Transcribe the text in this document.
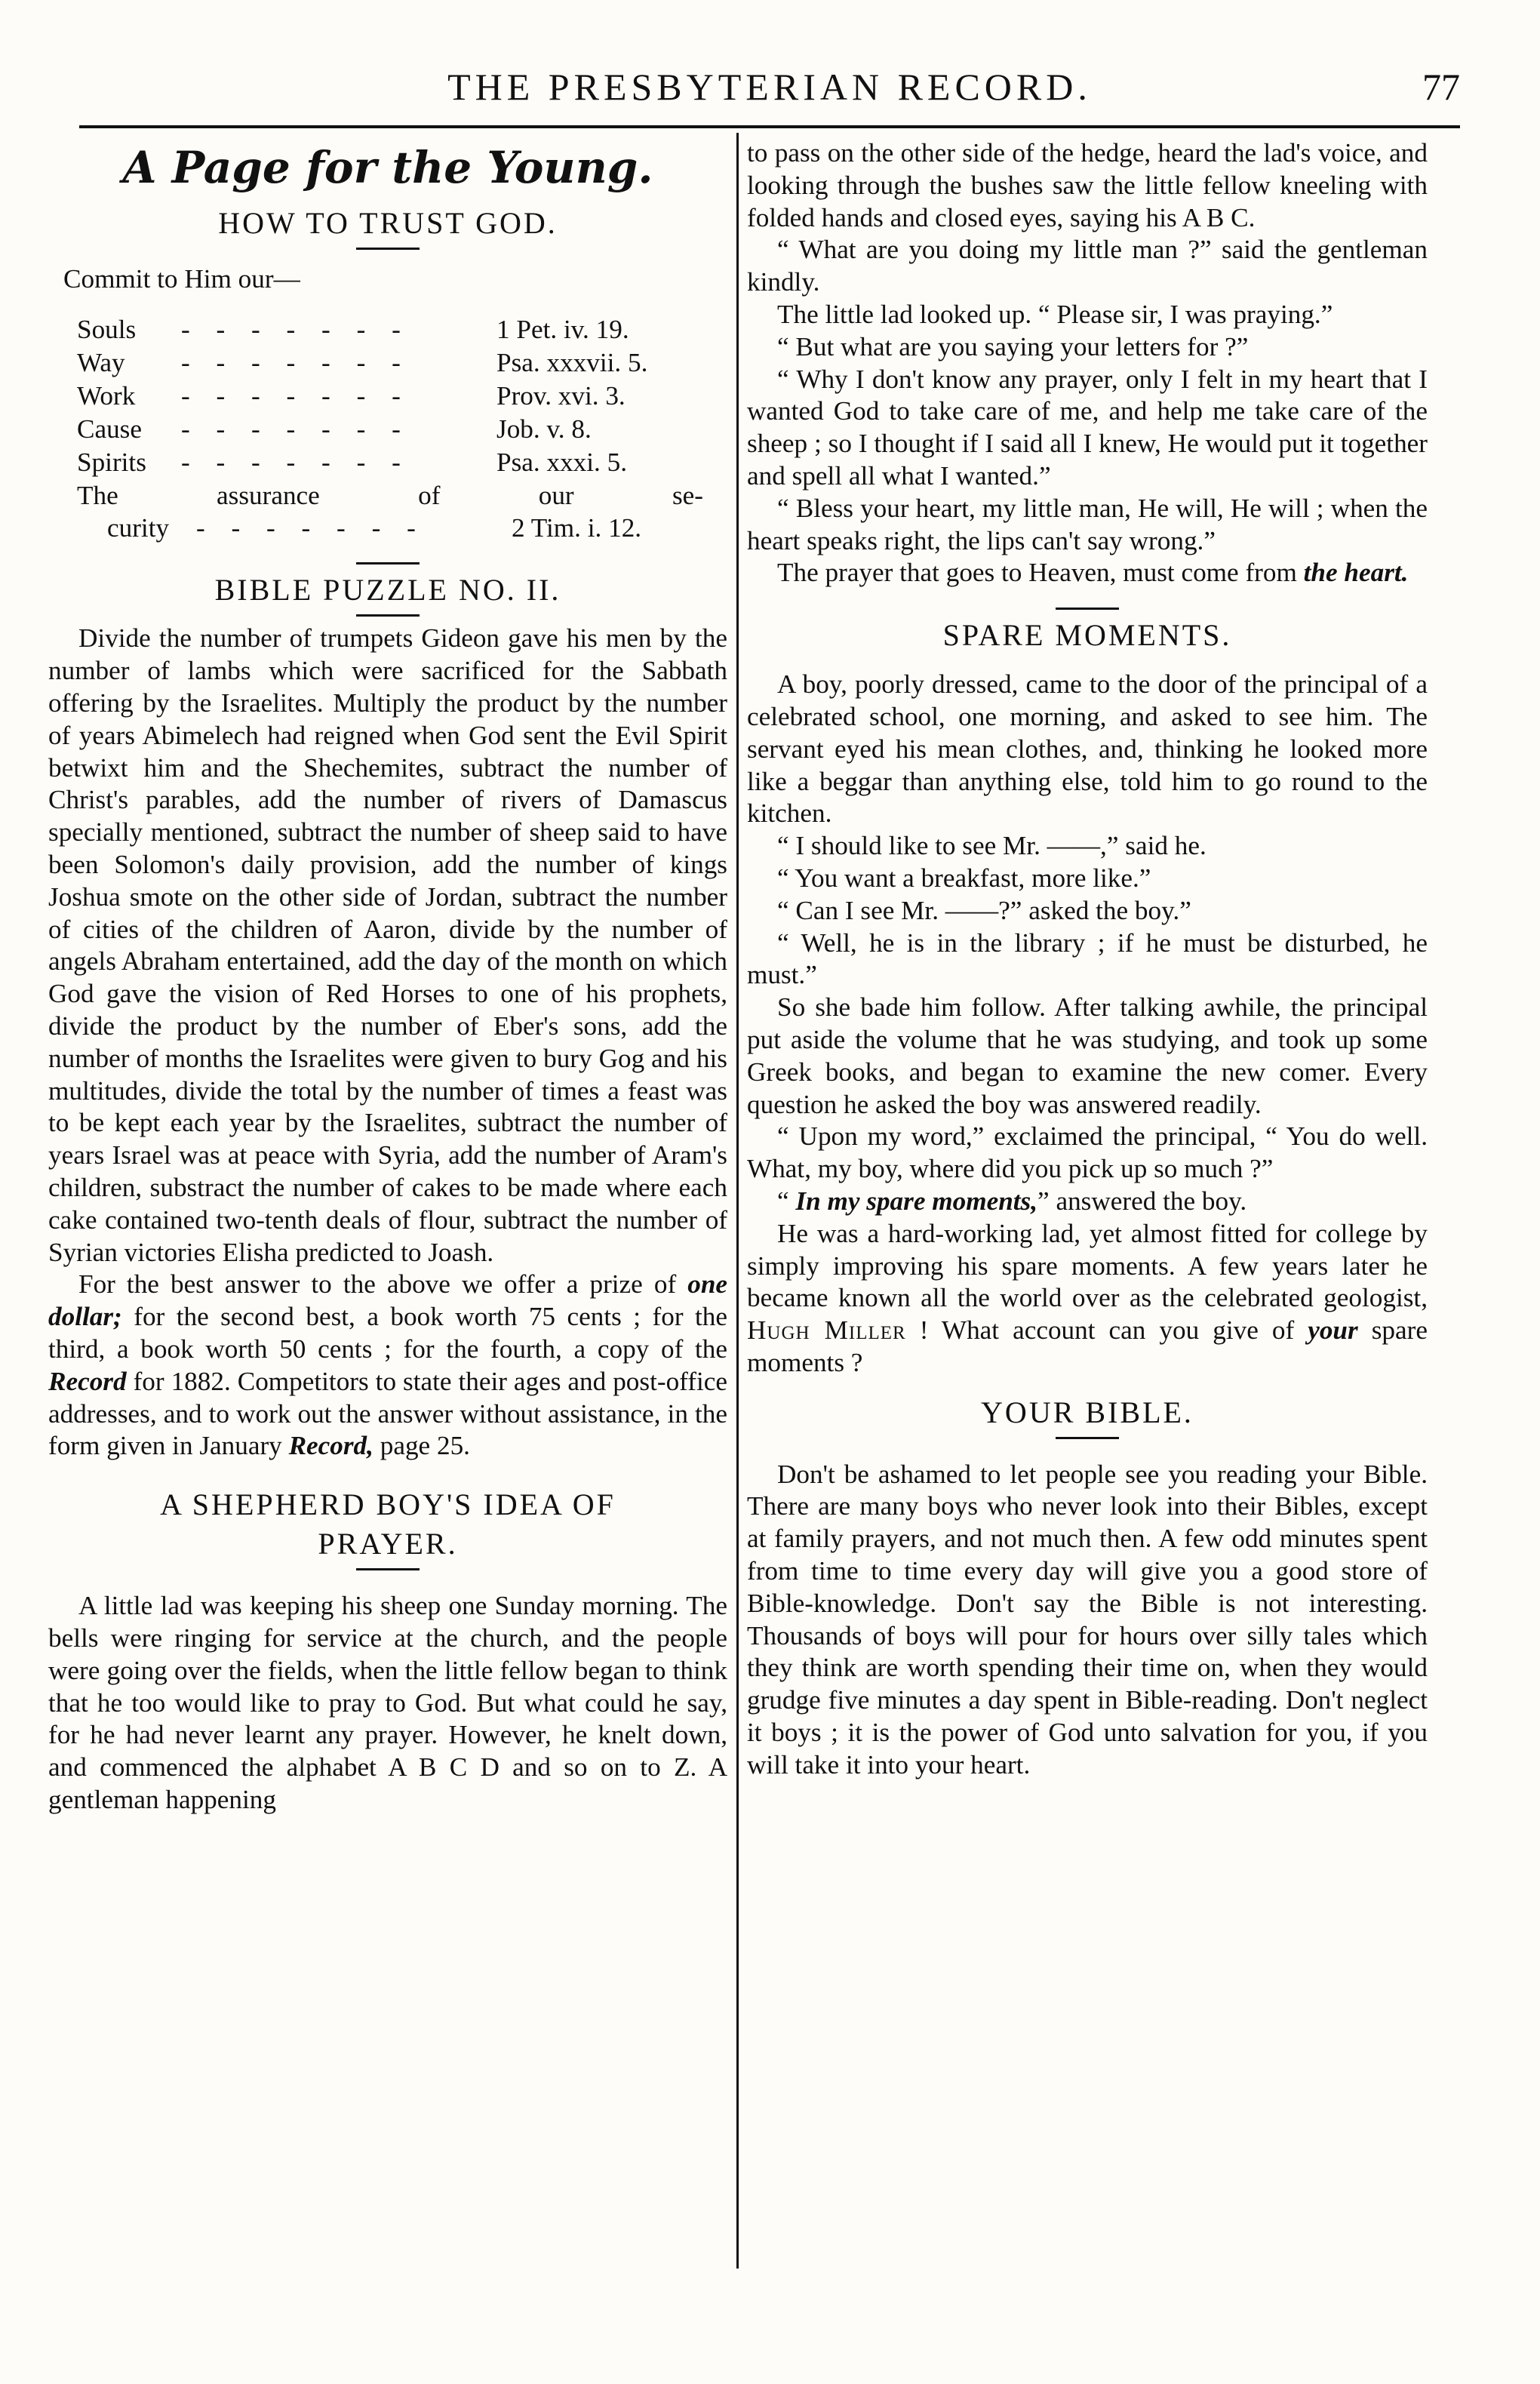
THE PRESBYTERIAN RECORD.	77
A Page for the Young.
HOW TO TRUST GOD.
Commit to Him our—
Souls	- - - - - - -	1 Pet. iv. 19.
Way	- - - - - - -	Psa. xxxvii. 5.
Work	- - - - - - -	Prov. xvi. 3.
Cause	- - - - - - -	Job. v. 8.
Spirits	- - - - - - -	Psa. xxxi. 5.
The assurance of our se-
curity	- - - - - - -	2 Tim. i. 12.
BIBLE PUZZLE NO. II.

Divide the number of trumpets Gideon gave his men by the number of lambs which were sacrificed for the Sabbath offering by the Israelites. Multiply the product by the number of years Abimelech had reigned when God sent the Evil Spirit betwixt him and the Shechemites, subtract the number of Christ's parables, add the number of rivers of Damascus specially mentioned, subtract the number of sheep said to have been Solomon's daily provision, add the number of kings Joshua smote on the other side of Jordan, subtract the number of cities of the children of Aaron, divide by the number of angels Abraham entertained, add the day of the month on which God gave the vision of Red Horses to one of his prophets, divide the product by the number of Eber's sons, add the number of months the Israelites were given to bury Gog and his multitudes, divide the total by the number of times a feast was to be kept each year by the Israelites, subtract the number of years Israel was at peace with Syria, add the number of Aram's children, substract the number of cakes to be made where each cake contained two-tenth deals of flour, subtract the number of Syrian victories Elisha predicted to Joash.

For the best answer to the above we offer a prize of one dollar; for the second best, a book worth 75 cents ; for the third, a book worth 50 cents ; for the fourth, a copy of the Record for 1882. Competitors to state their ages and post-office addresses, and to work out the answer without assistance, in the form given in January Record, page 25.

A SHEPHERD BOY'S IDEA OF
PRAYER.

A little lad was keeping his sheep one Sunday morning. The bells were ringing for service at the church, and the people were going over the fields, when the little fellow began to think that he too would like to pray to God. But what could he say, for he had never learnt any prayer. However, he knelt down, and commenced the alphabet A B C D and so on to Z. A gentleman happening

to pass on the other side of the hedge, heard the lad's voice, and looking through the bushes saw the little fellow kneeling with folded hands and closed eyes, saying his A B C.

“ What are you doing my little man ?” said the gentleman kindly.

The little lad looked up. “ Please sir, I was praying.”

“ But what are you saying your letters for ?”

“ Why I don't know any prayer, only I felt in my heart that I wanted God to take care of me, and help me take care of the sheep ; so I thought if I said all I knew, He would put it together and spell all what I wanted.”

“ Bless your heart, my little man, He will, He will ; when the heart speaks right, the lips can't say wrong.”

The prayer that goes to Heaven, must come from the heart.

SPARE MOMENTS.

A boy, poorly dressed, came to the door of the principal of a celebrated school, one morning, and asked to see him. The servant eyed his mean clothes, and, thinking he looked more like a beggar than anything else, told him to go round to the kitchen.

“ I should like to see Mr. ——,” said he.

“ You want a breakfast, more like.”

“ Can I see Mr. ——?” asked the boy.”

“ Well, he is in the library ; if he must be disturbed, he must.”

So she bade him follow. After talking awhile, the principal put aside the volume that he was studying, and took up some Greek books, and began to examine the new comer. Every question he asked the boy was answered readily.

“ Upon my word,” exclaimed the principal, “ You do well. What, my boy, where did you pick up so much ?”

“ In my spare moments,” answered the boy.

He was a hard-working lad, yet almost fitted for college by simply improving his spare moments. A few years later he became known all the world over as the celebrated geologist, Hugh Miller ! What account can you give of your spare moments ?

YOUR BIBLE.

Don't be ashamed to let people see you reading your Bible. There are many boys who never look into their Bibles, except at family prayers, and not much then. A few odd minutes spent from time to time every day will give you a good store of Bible-knowledge. Don't say the Bible is not interesting. Thousands of boys will pour for hours over silly tales which they think are worth spending their time on, when they would grudge five minutes a day spent in Bible-reading. Don't neglect it boys ; it is the power of God unto salvation for you, if you will take it into your heart.
